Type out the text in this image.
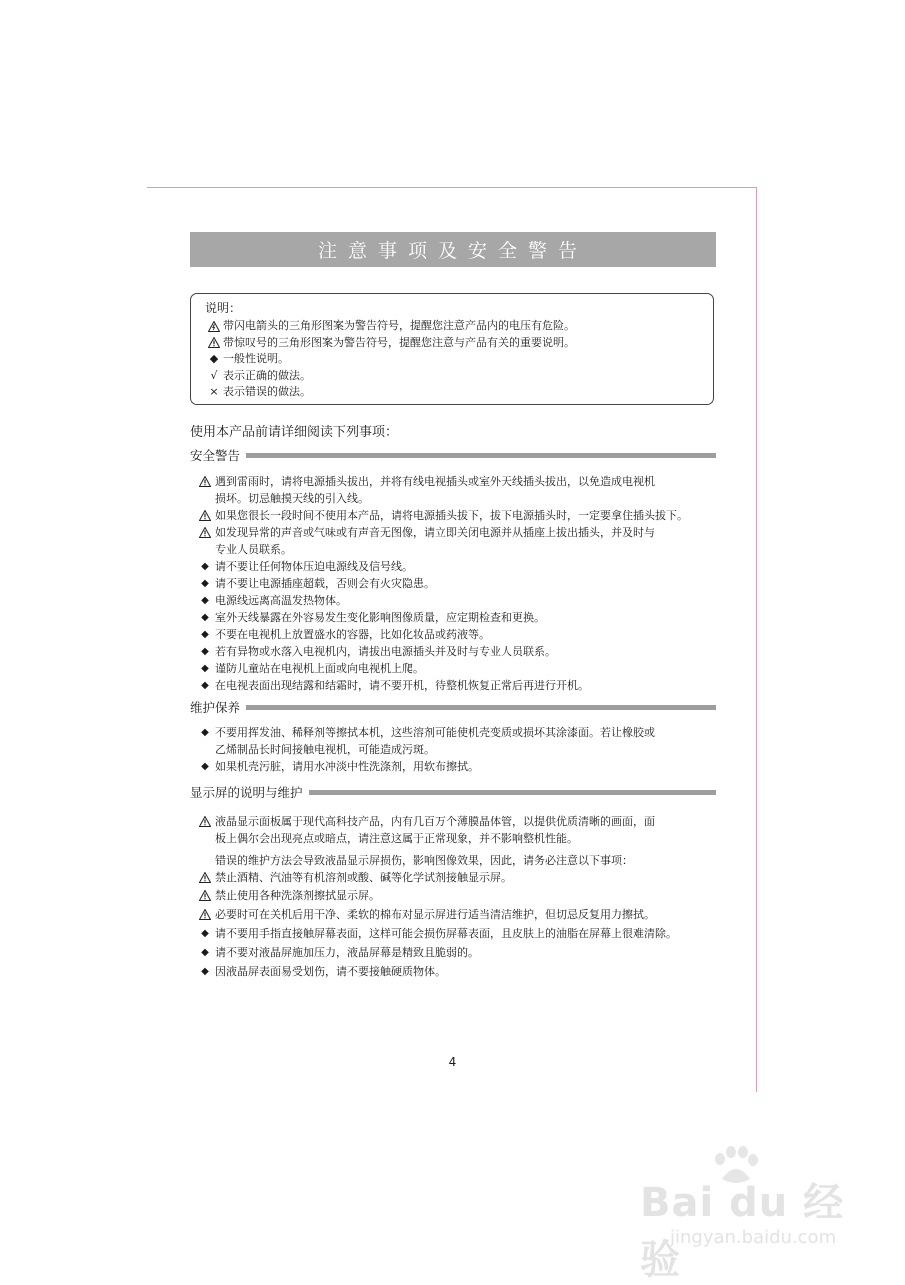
注意事项及安全警告
说明：
带闪电箭头的三角形图案为警告符号，提醒您注意产品内的电压有危险。
带惊叹号的三角形图案为警告符号，提醒您注意与产品有关的重要说明。
◆ 一般性说明。
√ 表示正确的做法。
× 表示错误的做法。
使用本产品前请详细阅读下列事项：
安全警告
遇到雷雨时，请将电源插头拔出，并将有线电视插头或室外天线插头拔出，以免造成电视机
损坏。切忌触摸天线的引入线。
如果您很长一段时间不使用本产品，请将电源插头拔下，拔下电源插头时，一定要拿住插头拔下。
如发现异常的声音或气味或有声音无图像，请立即关闭电源并从插座上拔出插头，并及时与
专业人员联系。
◆ 请不要让任何物体压迫电源线及信号线。
◆ 请不要让电源插座超载，否则会有火灾隐患。
◆ 电源线远离高温发热物体。
◆ 室外天线暴露在外容易发生变化影响图像质量，应定期检查和更换。
◆ 不要在电视机上放置盛水的容器，比如化妆品或药液等。
◆ 若有异物或水落入电视机内，请拔出电源插头并及时与专业人员联系。
◆ 谨防儿童站在电视机上面或向电视机上爬。
◆ 在电视表面出现结露和结霜时，请不要开机，待整机恢复正常后再进行开机。
维护保养
◆ 不要用挥发油、稀释剂等擦拭本机，这些溶剂可能使机壳变质或损坏其涂漆面。若让橡胶或
乙烯制品长时间接触电视机，可能造成污斑。
◆ 如果机壳污脏，请用水冲淡中性洗涤剂，用软布擦拭。
显示屏的说明与维护
液晶显示面板属于现代高科技产品，内有几百万个薄膜晶体管，以提供优质清晰的画面，面
板上偶尔会出现亮点或暗点，请注意这属于正常现象，并不影响整机性能。
错误的维护方法会导致液晶显示屏损伤，影响图像效果，因此，请务必注意以下事项：
禁止酒精、汽油等有机溶剂或酸、碱等化学试剂接触显示屏。
禁止使用各种洗涤剂擦拭显示屏。
必要时可在关机后用干净、柔软的棉布对显示屏进行适当清洁维护，但切忌反复用力擦拭。
◆ 请不要用手指直接触屏幕表面，这样可能会损伤屏幕表面，且皮肤上的油脂在屏幕上很难清除。
◆ 请不要对液晶屏施加压力，液晶屏幕是精致且脆弱的。
◆ 因液晶屏表面易受划伤，请不要接触硬质物体。
4
Bai du 经验
jingyan.baidu.com
